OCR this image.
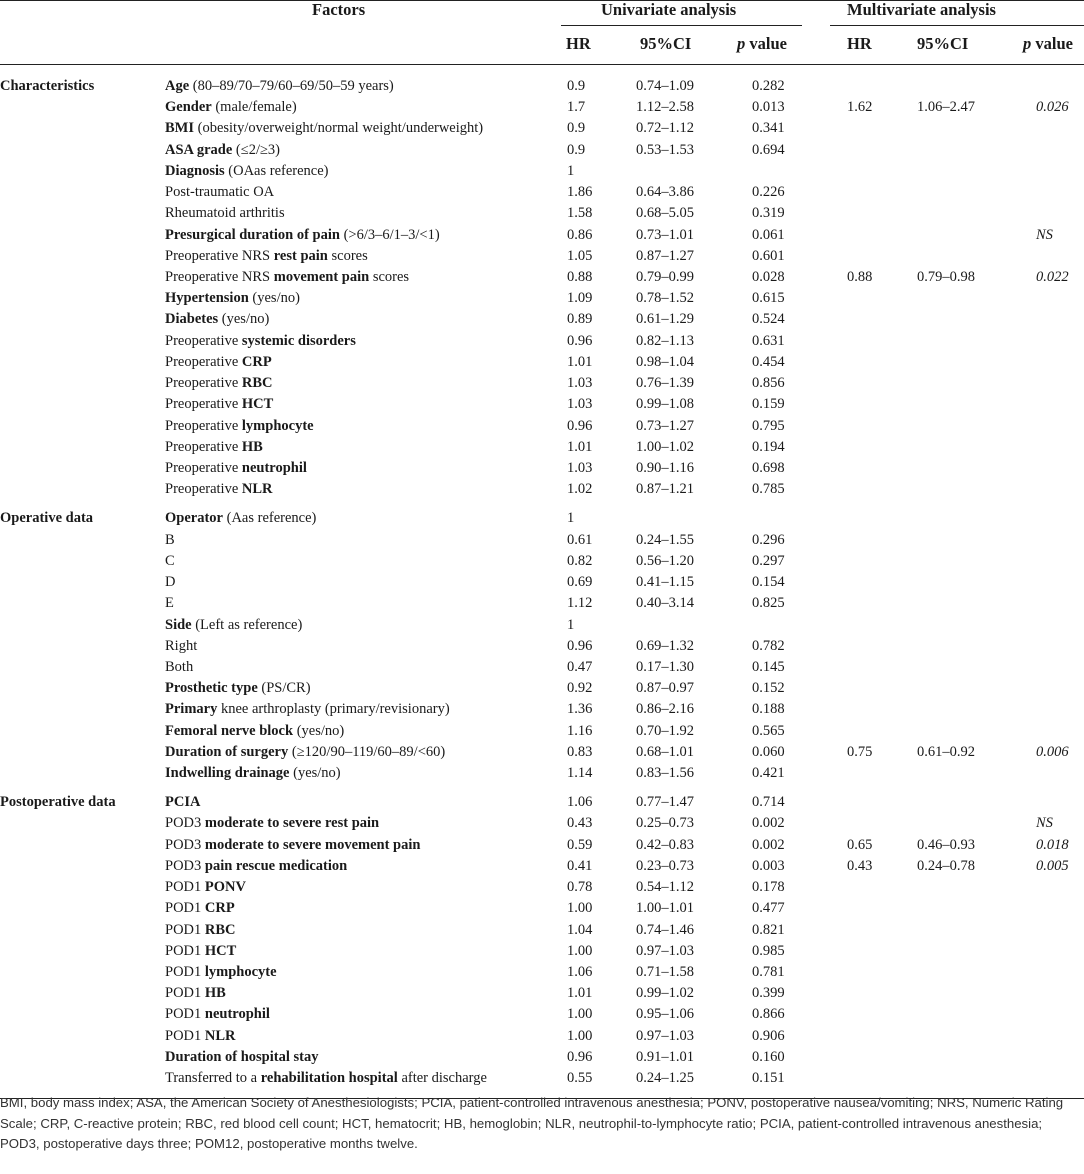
Factors	Univariate analysis	Multivariate analysis
HR	95%CI	p value	HR	95%CI	p value
Characteristics	Age (80–89/70–79/60–69/50–59 years)	0.9	0.74–1.09	0.282
Gender (male/female)	1.7	1.12–2.58	0.013	1.62	1.06–2.47	0.026
BMI (obesity/overweight/normal weight/underweight)	0.9	0.72–1.12	0.341
ASA grade (≤2/≥3)	0.9	0.53–1.53	0.694
Diagnosis (OAas reference)	1
Post-traumatic OA	1.86	0.64–3.86	0.226
Rheumatoid arthritis	1.58	0.68–5.05	0.319
Presurgical duration of pain (>6/3–6/1–3/<1)	0.86	0.73–1.01	0.061	NS
Preoperative NRS rest pain scores	1.05	0.87–1.27	0.601
Preoperative NRS movement pain scores	0.88	0.79–0.99	0.028	0.88	0.79–0.98	0.022
Hypertension (yes/no)	1.09	0.78–1.52	0.615
Diabetes (yes/no)	0.89	0.61–1.29	0.524
Preoperative systemic disorders	0.96	0.82–1.13	0.631
Preoperative CRP	1.01	0.98–1.04	0.454
Preoperative RBC	1.03	0.76–1.39	0.856
Preoperative HCT	1.03	0.99–1.08	0.159
Preoperative lymphocyte	0.96	0.73–1.27	0.795
Preoperative HB	1.01	1.00–1.02	0.194
Preoperative neutrophil	1.03	0.90–1.16	0.698
Preoperative NLR	1.02	0.87–1.21	0.785
Operative data	Operator (Aas reference)	1
B	0.61	0.24–1.55	0.296
C	0.82	0.56–1.20	0.297
D	0.69	0.41–1.15	0.154
E	1.12	0.40–3.14	0.825
Side (Left as reference)	1
Right	0.96	0.69–1.32	0.782
Both	0.47	0.17–1.30	0.145
Prosthetic type (PS/CR)	0.92	0.87–0.97	0.152
Primary knee arthroplasty (primary/revisionary)	1.36	0.86–2.16	0.188
Femoral nerve block (yes/no)	1.16	0.70–1.92	0.565
Duration of surgery (≥120/90–119/60–89/<60)	0.83	0.68–1.01	0.060	0.75	0.61–0.92	0.006
Indwelling drainage (yes/no)	1.14	0.83–1.56	0.421
Postoperative data	PCIA	1.06	0.77–1.47	0.714
POD3 moderate to severe rest pain	0.43	0.25–0.73	0.002	NS
POD3 moderate to severe movement pain	0.59	0.42–0.83	0.002	0.65	0.46–0.93	0.018
POD3 pain rescue medication	0.41	0.23–0.73	0.003	0.43	0.24–0.78	0.005
POD1 PONV	0.78	0.54–1.12	0.178
POD1 CRP	1.00	1.00–1.01	0.477
POD1 RBC	1.04	0.74–1.46	0.821
POD1 HCT	1.00	0.97–1.03	0.985
POD1 lymphocyte	1.06	0.71–1.58	0.781
POD1 HB	1.01	0.99–1.02	0.399
POD1 neutrophil	1.00	0.95–1.06	0.866
POD1 NLR	1.00	0.97–1.03	0.906
Duration of hospital stay	0.96	0.91–1.01	0.160
Transferred to a rehabilitation hospital after discharge	0.55	0.24–1.25	0.151
BMI, body mass index; ASA, the American Society of Anesthesiologists; PCIA, patient-controlled intravenous anesthesia; PONV, postoperative nausea/vomiting; NRS, Numeric Rating Scale; CRP, C-reactive protein; RBC, red blood cell count; HCT, hematocrit; HB, hemoglobin; NLR, neutrophil-to-lymphocyte ratio; PCIA, patient-controlled intravenous anesthesia; POD3, postoperative days three; POM12, postoperative months twelve.
